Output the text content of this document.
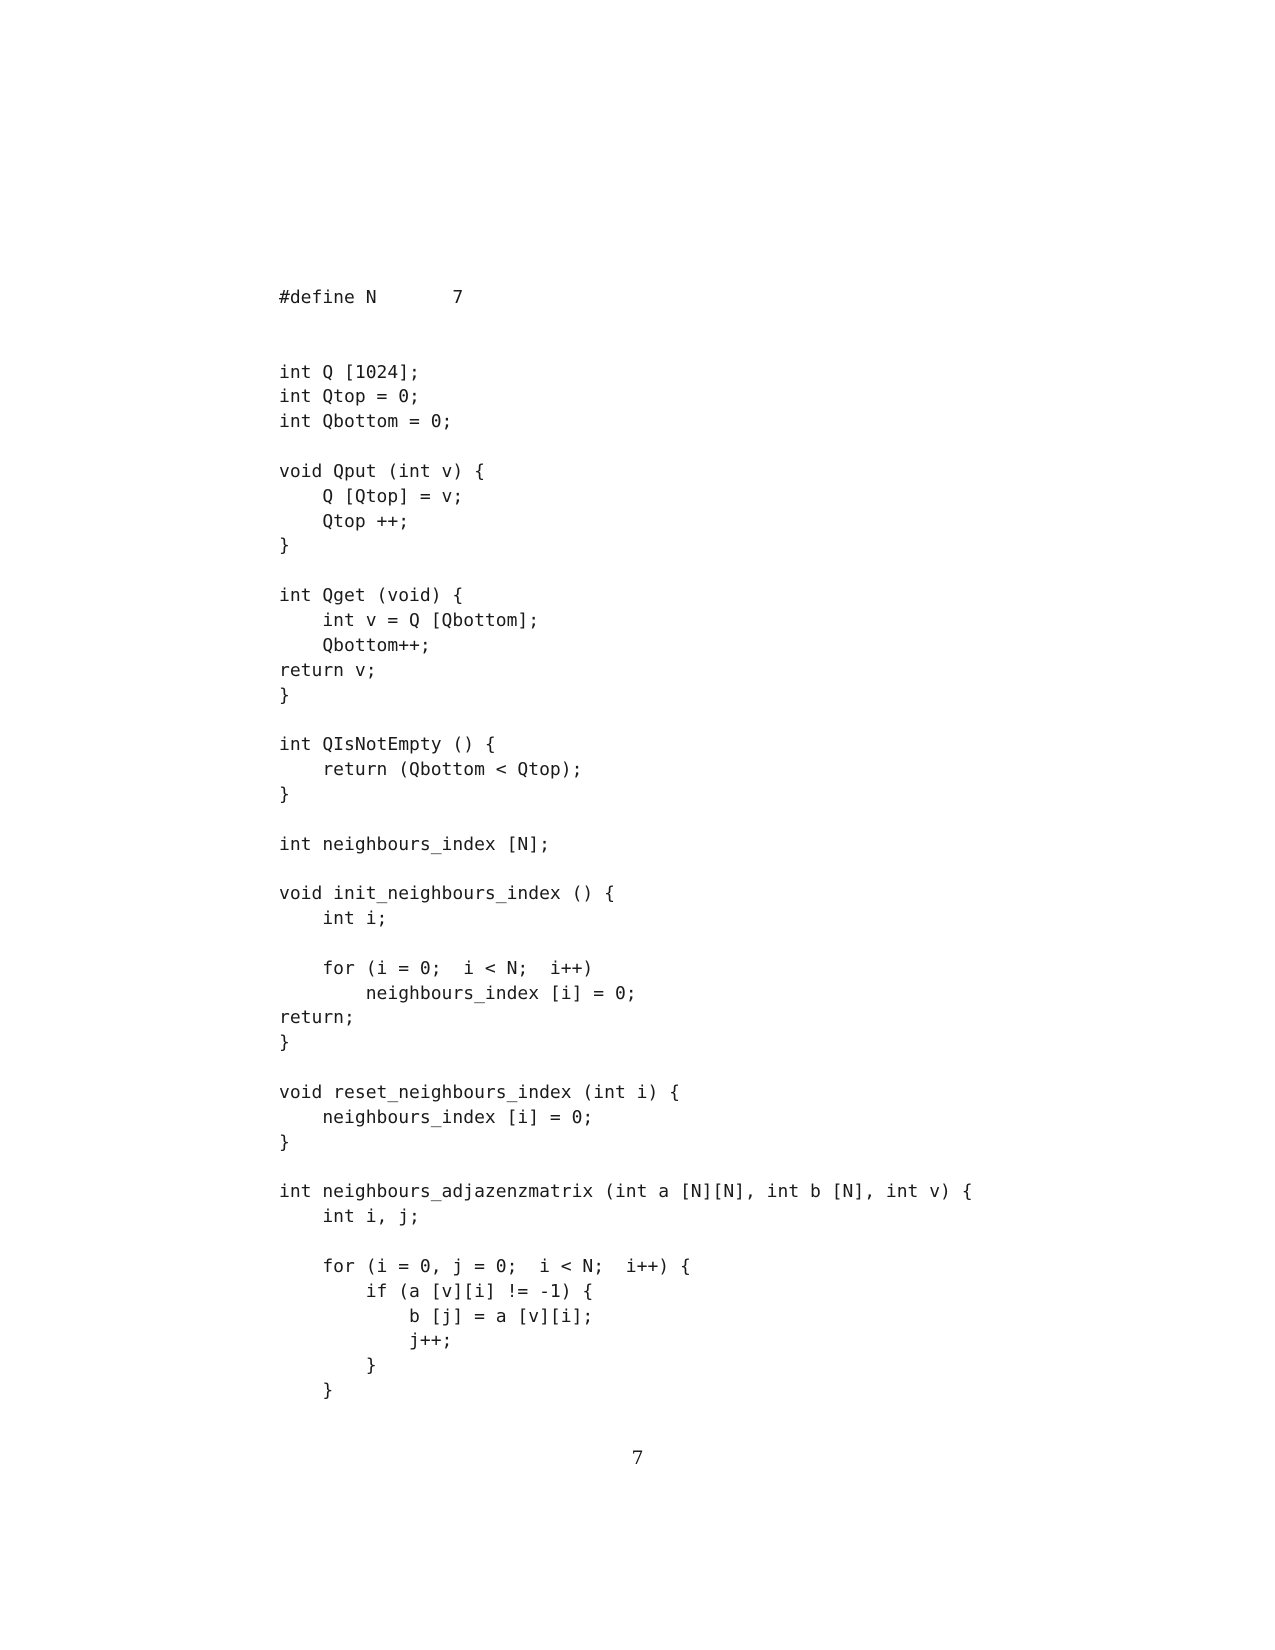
#define N       7

int Q [1024];
int Qtop = 0;
int Qbottom = 0;

void Qput (int v) {
Q [Qtop] = v;
Qtop ++;
}

int Qget (void) {
int v = Q [Qbottom];
Qbottom++;
return v;
}

int QIsNotEmpty () {
return (Qbottom < Qtop);
}

int neighbours_index [N];

void init_neighbours_index () {
int i;

for (i = 0;  i < N;  i++)
neighbours_index [i] = 0;
return;
}

void reset_neighbours_index (int i) {
neighbours_index [i] = 0;
}

int neighbours_adjazenzmatrix (int a [N][N], int b [N], int v) {
int i, j;

for (i = 0, j = 0;  i < N;  i++) {
if (a [v][i] != -1) {
b [j] = a [v][i];
j++;
}
}
7
